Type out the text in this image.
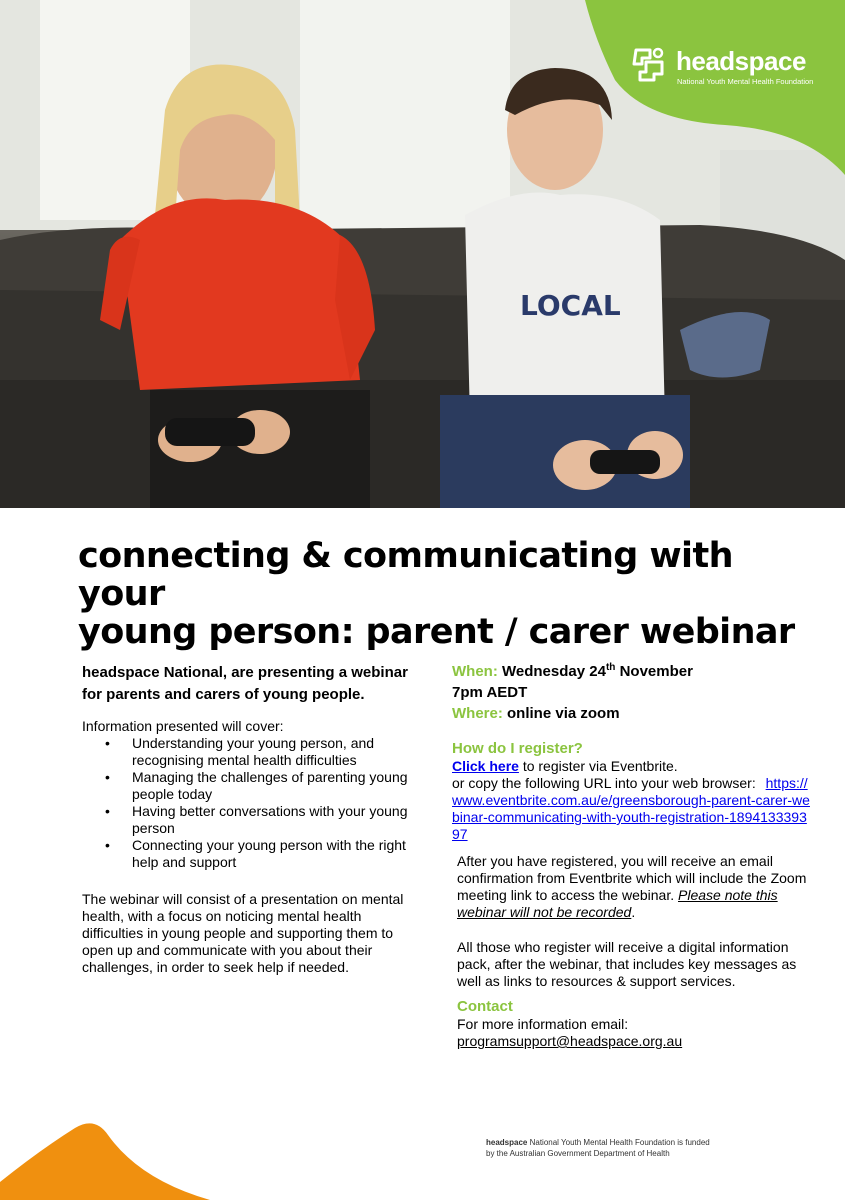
LOCAL
headspace
National Youth Mental Health Foundation
connecting & communicating with your
young person: parent / carer webinar

headspace National, are presenting a webinar for parents and carers of young people.

Information presented will cover:

• Understanding your young person, and recognising mental health difficulties
• Managing the challenges of parenting young people today
• Having better conversations with your young person
• Connecting your young person with the right help and support

The webinar will consist of a presentation on mental health, with a focus on noticing mental health difficulties in young people and supporting them to open up and communicate with you about their challenges, in order to seek help if needed.

When: Wednesday 24th November
7pm AEDT
Where: online via zoom
How do I register?
Click here to register via Eventbrite.
or copy the following URL into your web browser: https://www.eventbrite.com.au/e/greensborough-parent-carer-webinar-communicating-with-youth-registration-189413339397
After you have registered, you will receive an email confirmation from Eventbrite which will include the Zoom meeting link to access the webinar. Please note this webinar will not be recorded.
All those who register will receive a digital information pack, after the webinar, that includes key messages as well as links to resources & support services.
Contact
For more information email:
programsupport@headspace.org.au
headspace National Youth Mental Health Foundation is funded
by the Australian Government Department of Health
